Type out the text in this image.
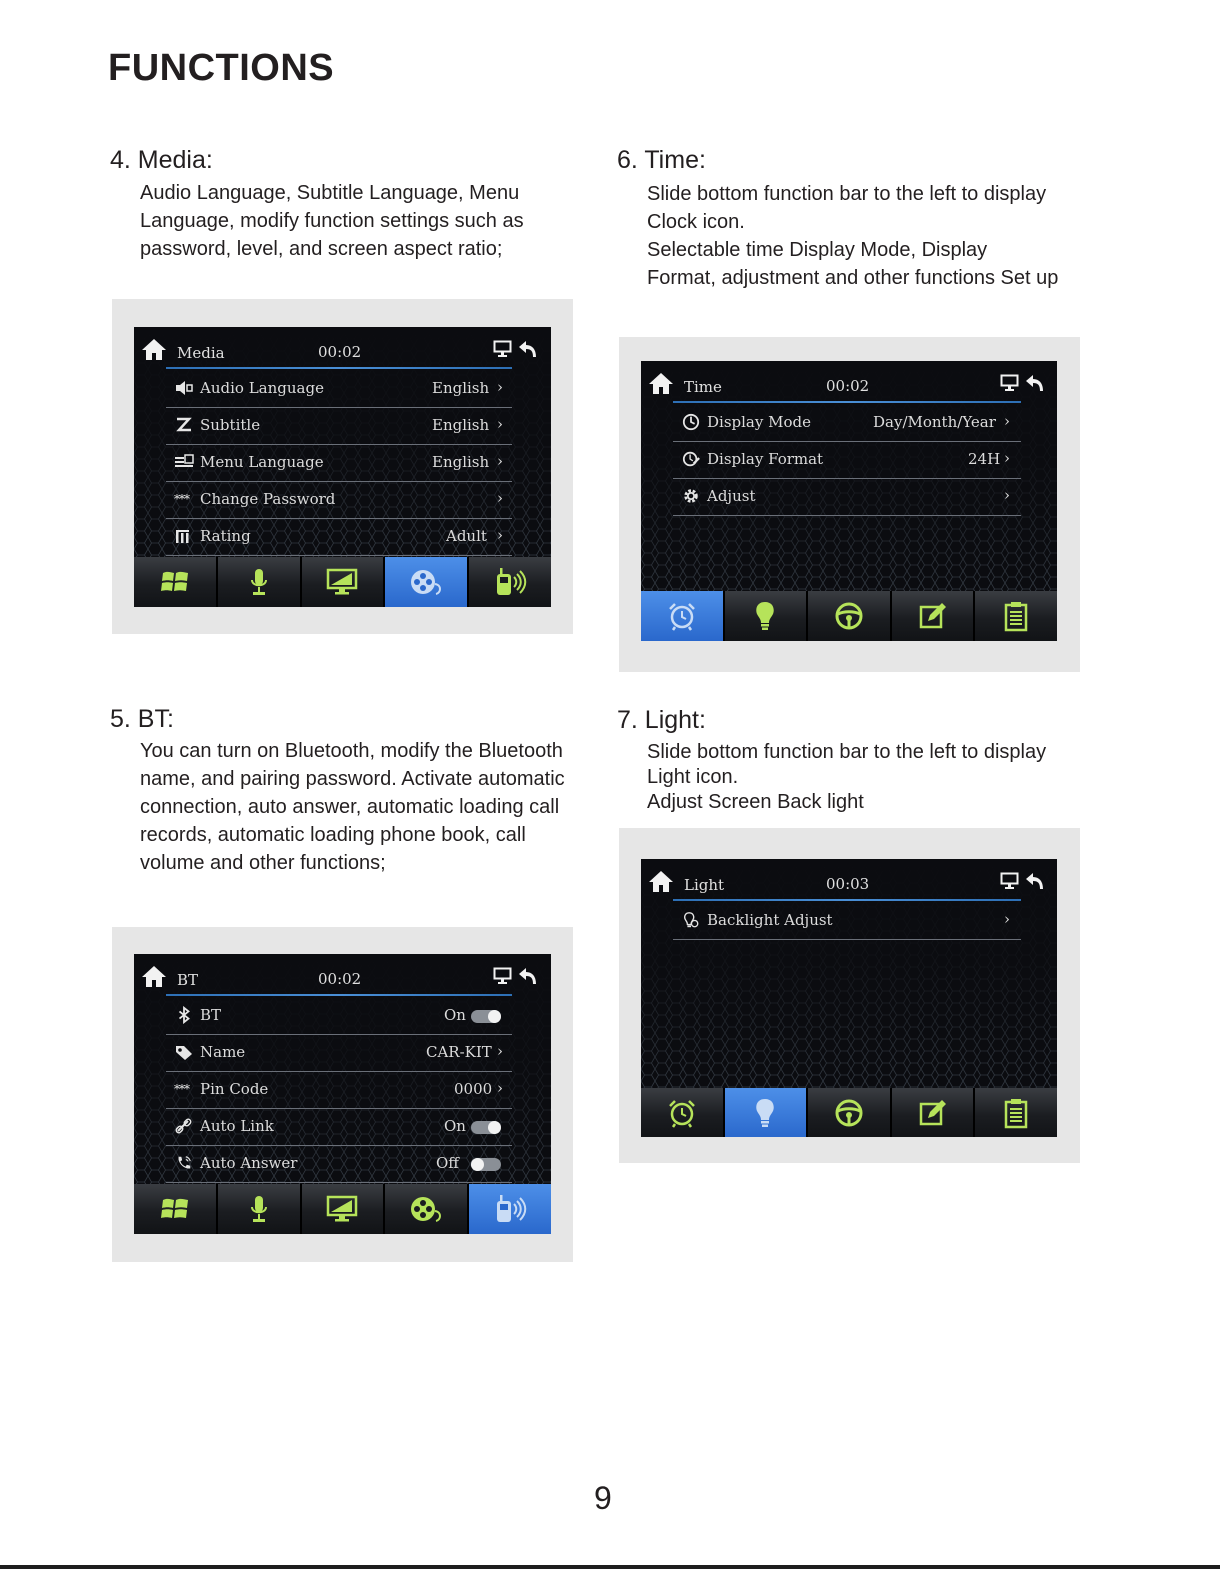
FUNCTIONS
4. Media:
Audio Language, Subtitle Language, Menu
Language, modify function settings such as
password, level, and screen aspect ratio;
Media	00:02
Audio Language	English ›
Subtitle	English ›
Menu Language	English ›
*** Change Password	›
Rating	Adult ›
6. Time:
Slide bottom function bar to the left to display
Clock icon.
Selectable time Display Mode, Display
Format, adjustment and other functions Set up
Time	00:02
Display Mode	Day/Month/Year ›
Display Format	24H ›
Adjust	›
5. BT:
You can turn on Bluetooth, modify the Bluetooth
name, and pairing password. Activate automatic
connection, auto answer, automatic loading call
records, automatic loading phone book, call
volume and other functions;
BT	00:02
BT	On
Name	CAR-KIT ›
*** Pin Code	0000 ›
Auto Link	On
Auto Answer	Off
7. Light:
Slide bottom function bar to the left to display
Light icon.
Adjust Screen Back light
Light	00:03
Backlight Adjust	›
9
